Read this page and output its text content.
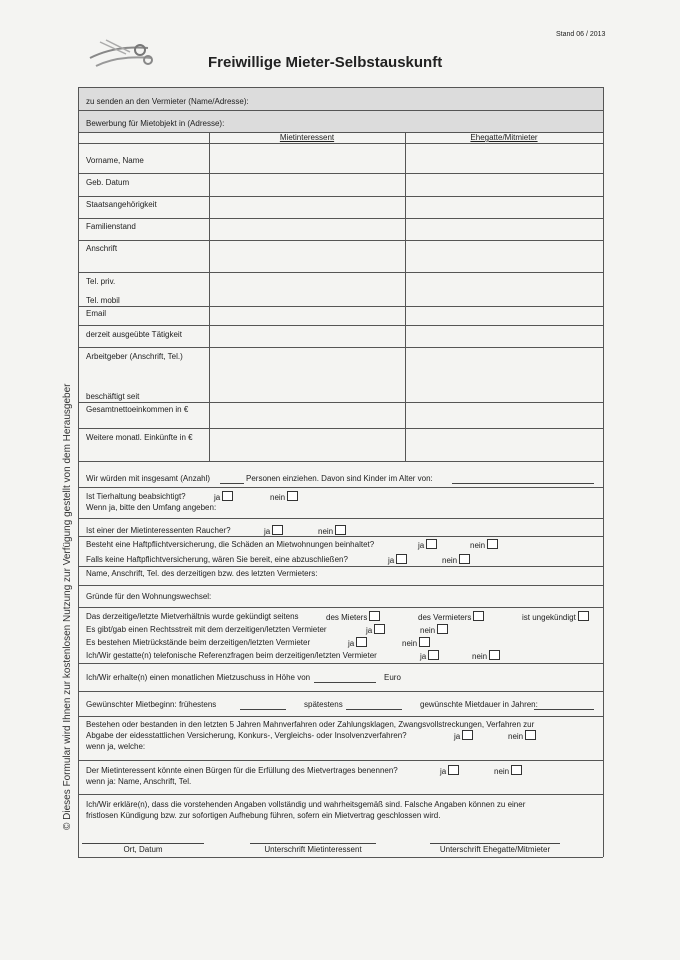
Stand 06 / 2013
Freiwillige Mieter-Selbstauskunft
© Dieses Formular wird Ihnen zur kostenlosen Nutzung zur Verfügung gestellt von dem Herausgeber
zu senden an den Vermieter (Name/Adresse):
Bewerbung für Mietobjekt in (Adresse):
Mietinteressent	Ehegatte/Mitmieter
Vorname, Name
Geb. Datum
Staatsangehörigkeit
Familienstand
Anschrift
Tel. priv.
Tel. mobil
Email
derzeit ausgeübte Tätigkeit
Arbeitgeber (Anschrift, Tel.)
beschäftigt seit
Gesamtnettoeinkommen in €
Weitere monatl. Einkünfte in €
Wir würden mit insgesamt (Anzahl)	Personen einziehen. Davon sind Kinder im Alter von:
Ist Tierhaltung beabsichtigt?	ja	nein
Wenn ja, bitte den Umfang angeben:
Ist einer der Mietinteressenten Raucher?	ja	nein
Besteht eine Haftpflichtversicherung, die Schäden an Mietwohnungen beinhaltet?	ja	nein
Falls keine Haftpflichtversicherung, wären Sie bereit, eine abzuschließen?	ja	nein
Name, Anschrift, Tel. des derzeitigen bzw. des letzten Vermieters:
Gründe für den Wohnungswechsel:
Das derzeitige/letzte Mietverhältnis wurde gekündigt seitens	des Mieters	des Vermieters	ist ungekündigt
Es gibt/gab einen Rechtsstreit mit dem derzeitigen/letzten Vermieter	ja	nein
Es bestehen Mietrückstände beim derzeitigen/letzten Vermieter	ja	nein
Ich/Wir gestatte(n) telefonische Referenzfragen beim derzeitigen/letzten Vermieter	ja	nein
Ich/Wir erhalte(n) einen monatlichen Mietzuschuss in Höhe von	Euro
Gewünschter Mietbeginn: frühestens	spätestens	gewünschte Mietdauer in Jahren:
Bestehen oder bestanden in den letzten 5 Jahren Mahnverfahren oder Zahlungsklagen, Zwangsvollstreckungen, Verfahren zur
Abgabe der eidesstattlichen Versicherung, Konkurs-, Vergleichs- oder Insolvenzverfahren?	ja	nein
wenn ja, welche:
Der Mietinteressent könnte einen Bürgen für die Erfüllung des Mietvertrages benennen?	ja	nein
wenn ja: Name, Anschrift, Tel.
Ich/Wir erkläre(n), dass die vorstehenden Angaben vollständig und wahrheitsgemäß sind. Falsche Angaben können zu einer
fristlosen Kündigung bzw. zur sofortigen Aufhebung führen, sofern ein Mietvertrag geschlossen wird.
Ort, Datum	Unterschrift Mietinteressent	Unterschrift Ehegatte/Mitmieter
